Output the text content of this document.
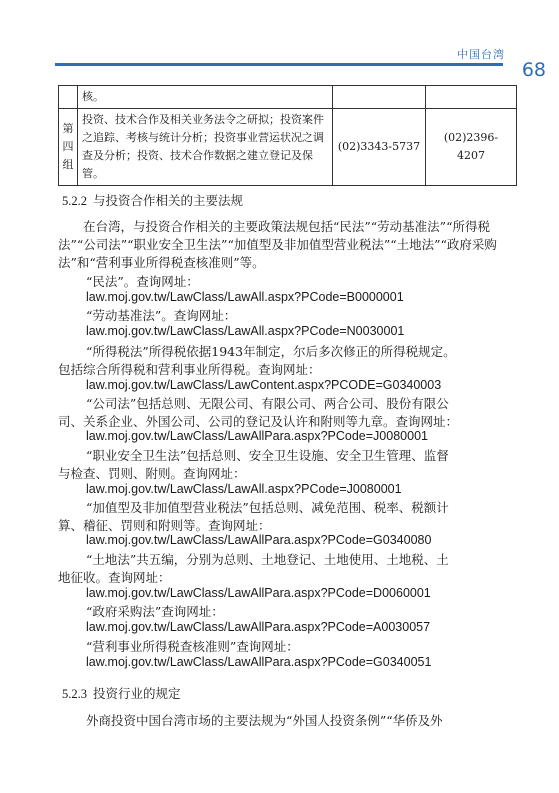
中国台湾
68
	核。		

第
四
组	投资、技术合作及相关业务法令之研拟；投资案件之追踪、考核与统计分析；投资事业营运状况之调查及分析；投资、技术合作数据之建立登记及保管。	(02)3343-5737	(02)2396-4207
5.2.2 与投资合作相关的主要法规
在台湾，与投资合作相关的主要政策法规包括“民法”“劳动基准法”“所得税法”“公司法”“职业安全卫生法”“加值型及非加值型营业税法”“土地法”“政府采购法”和“营利事业所得税查核准则”等。
“民法”。查询网址：
law.moj.gov.tw/LawClass/LawAll.aspx?PCode=B0000001
“劳动基准法”。查询网址：
law.moj.gov.tw/LawClass/LawAll.aspx?PCode=N0030001
“所得税法”所得税依据1943年制定，尔后多次修正的所得税规定。
包括综合所得税和营利事业所得税。查询网址：
law.moj.gov.tw/LawClass/LawContent.aspx?PCODE=G0340003
“公司法”包括总则、无限公司、有限公司、两合公司、股份有限公
司、关系企业、外国公司、公司的登记及认许和附则等九章。查询网址：
law.moj.gov.tw/LawClass/LawAllPara.aspx?PCode=J0080001
“职业安全卫生法”包括总则、安全卫生设施、安全卫生管理、监督
与检查、罚则、附则。查询网址：
law.moj.gov.tw/LawClass/LawAll.aspx?PCode=J0080001
“加值型及非加值型营业税法”包括总则、减免范围、税率、税额计
算、稽征、罚则和附则等。查询网址：
law.moj.gov.tw/LawClass/LawAllPara.aspx?PCode=G0340080
“土地法”共五编，分别为总则、土地登记、土地使用、土地税、土
地征收。查询网址：
law.moj.gov.tw/LawClass/LawAllPara.aspx?PCode=D0060001
“政府采购法”查询网址：
law.moj.gov.tw/LawClass/LawAllPara.aspx?PCode=A0030057
“营利事业所得税查核准则”查询网址：
law.moj.gov.tw/LawClass/LawAllPara.aspx?PCode=G0340051
5.2.3 投资行业的规定
外商投资中国台湾市场的主要法规为“外国人投资条例”“华侨及外
